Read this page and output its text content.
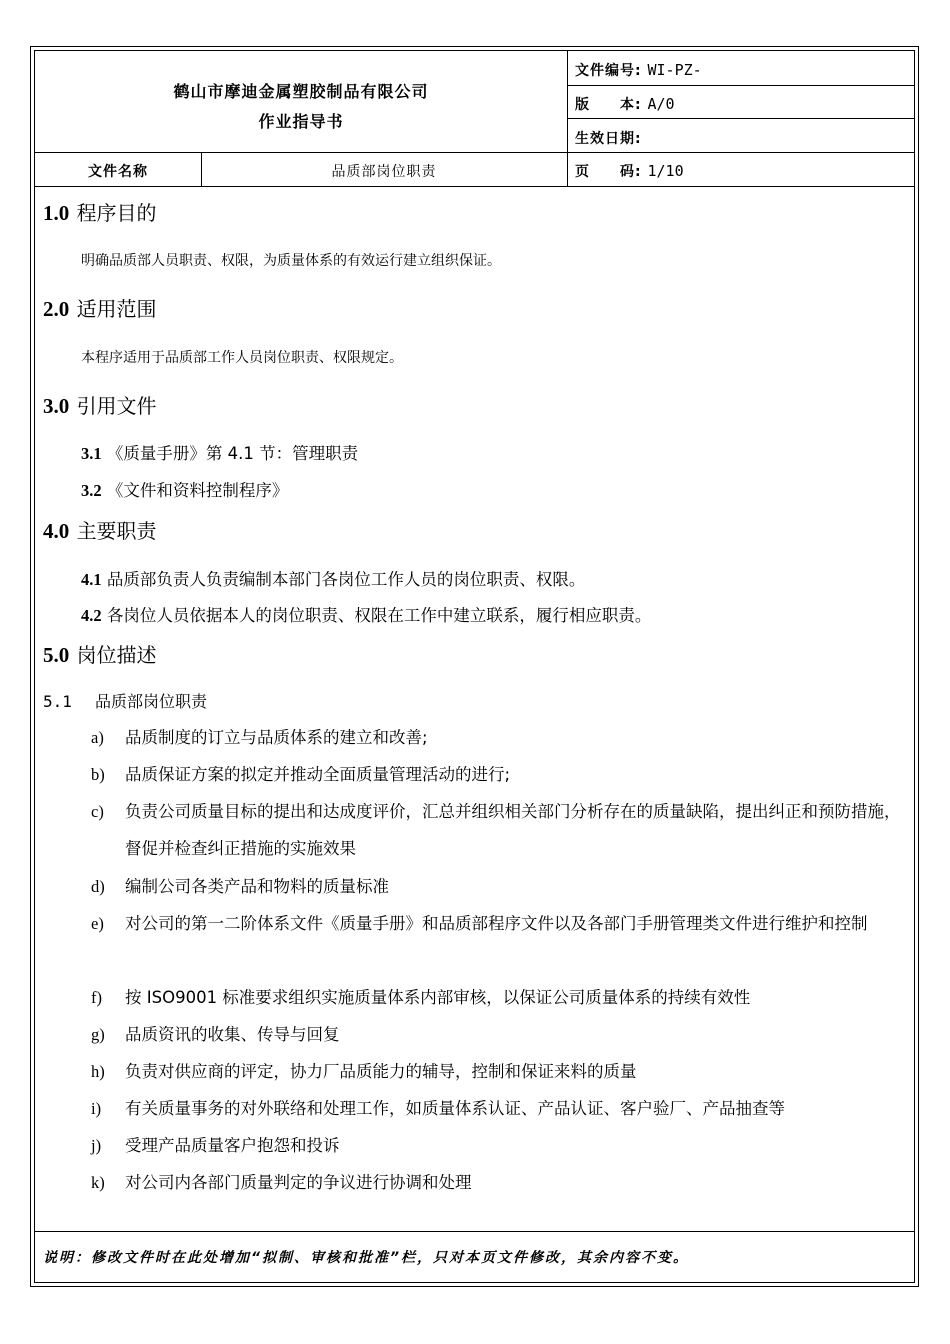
鹤山市摩迪金属塑胶制品有限公司
作业指导书
文件编号: WI-PZ-
版　　本: A/0
生效日期:
文件名称	品质部岗位职责	页　　码: 1/10
1.0 程序目的
明确品质部人员职责、权限，为质量体系的有效运行建立组织保证。
2.0 适用范围
本程序适用于品质部工作人员岗位职责、权限规定。
3.0 引用文件
3.1 《质量手册》第 4.1 节：管理职责
3.2 《文件和资料控制程序》
4.0 主要职责
4.1 品质部负责人负责编制本部门各岗位工作人员的岗位职责、权限。
4.2 各岗位人员依据本人的岗位职责、权限在工作中建立联系，履行相应职责。
5.0 岗位描述
5.1 品质部岗位职责
a) 品质制度的订立与品质体系的建立和改善;
b) 品质保证方案的拟定并推动全面质量管理活动的进行;
c) 负责公司质量目标的提出和达成度评价，汇总并组织相关部门分析存在的质量缺陷，提出纠正和预防措施，督促并检查纠正措施的实施效果
d) 编制公司各类产品和物料的质量标准
e) 对公司的第一二阶体系文件《质量手册》和品质部程序文件以及各部门手册管理类文件进行维护和控制
f) 按 ISO9001 标准要求组织实施质量体系内部审核，以保证公司质量体系的持续有效性
g) 品质资讯的收集、传导与回复
h) 负责对供应商的评定，协力厂品质能力的辅导，控制和保证来料的质量
i) 有关质量事务的对外联络和处理工作，如质量体系认证、产品认证、客户验厂、产品抽查等
j) 受理产品质量客户抱怨和投诉
k) 对公司内各部门质量判定的争议进行协调和处理
说明：修改文件时在此处增加“拟制、审核和批准”栏，只对本页文件修改，其余内容不变。
